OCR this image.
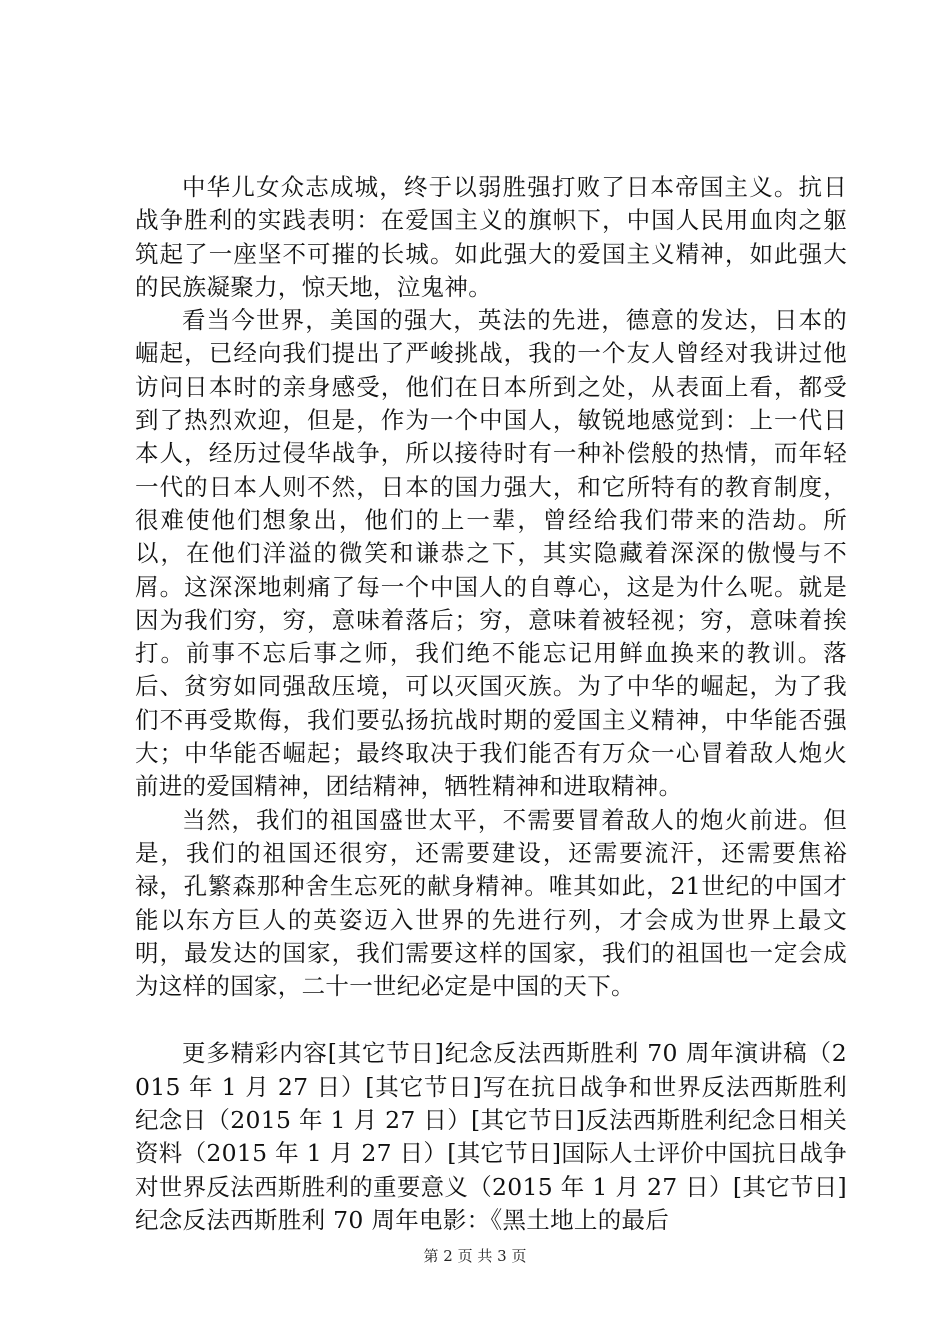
中华儿女众志成城，终于以弱胜强打败了日本帝国主义。抗日战争胜利的实践表明：在爱国主义的旗帜下，中国人民用血肉之躯筑起了一座坚不可摧的长城。如此强大的爱国主义精神，如此强大的民族凝聚力，惊天地，泣鬼神。

看当今世界，美国的强大，英法的先进，德意的发达，日本的崛起，已经向我们提出了严峻挑战，我的一个友人曾经对我讲过他访问日本时的亲身感受，他们在日本所到之处，从表面上看，都受到了热烈欢迎，但是，作为一个中国人，敏锐地感觉到：上一代日本人，经历过侵华战争，所以接待时有一种补偿般的热情，而年轻一代的日本人则不然，日本的国力强大，和它所特有的教育制度，很难使他们想象出，他们的上一辈，曾经给我们带来的浩劫。所以，在他们洋溢的微笑和谦恭之下，其实隐藏着深深的傲慢与不屑。这深深地刺痛了每一个中国人的自尊心，这是为什么呢。就是因为我们穷，穷，意味着落后；穷，意味着被轻视；穷，意味着挨打。前事不忘后事之师，我们绝不能忘记用鲜血换来的教训。落后、贫穷如同强敌压境，可以灭国灭族。为了中华的崛起，为了我们不再受欺侮，我们要弘扬抗战时期的爱国主义精神，中华能否强大；中华能否崛起；最终取决于我们能否有万众一心冒着敌人炮火前进的爱国精神，团结精神，牺牲精神和进取精神。

当然，我们的祖国盛世太平，不需要冒着敌人的炮火前进。但是，我们的祖国还很穷，还需要建设，还需要流汗，还需要焦裕禄，孔繁森那种舍生忘死的献身精神。唯其如此，21世纪的中国才能以东方巨人的英姿迈入世界的先进行列，才会成为世界上最文明，最发达的国家，我们需要这样的国家，我们的祖国也一定会成为这样的国家，二十一世纪必定是中国的天下。

更多精彩内容[其它节日]纪念反法西斯胜利 70 周年演讲稿（2015 年 1 月 27 日）[其它节日]写在抗日战争和世界反法西斯胜利纪念日（2015 年 1 月 27 日）[其它节日]反法西斯胜利纪念日相关资料（2015 年 1 月 27 日）[其它节日]国际人士评价中国抗日战争对世界反法西斯胜利的重要意义（2015 年 1 月 27 日）[其它节日]纪念反法西斯胜利 70 周年电影：《黑土地上的最后

第 2 页 共 3 页
